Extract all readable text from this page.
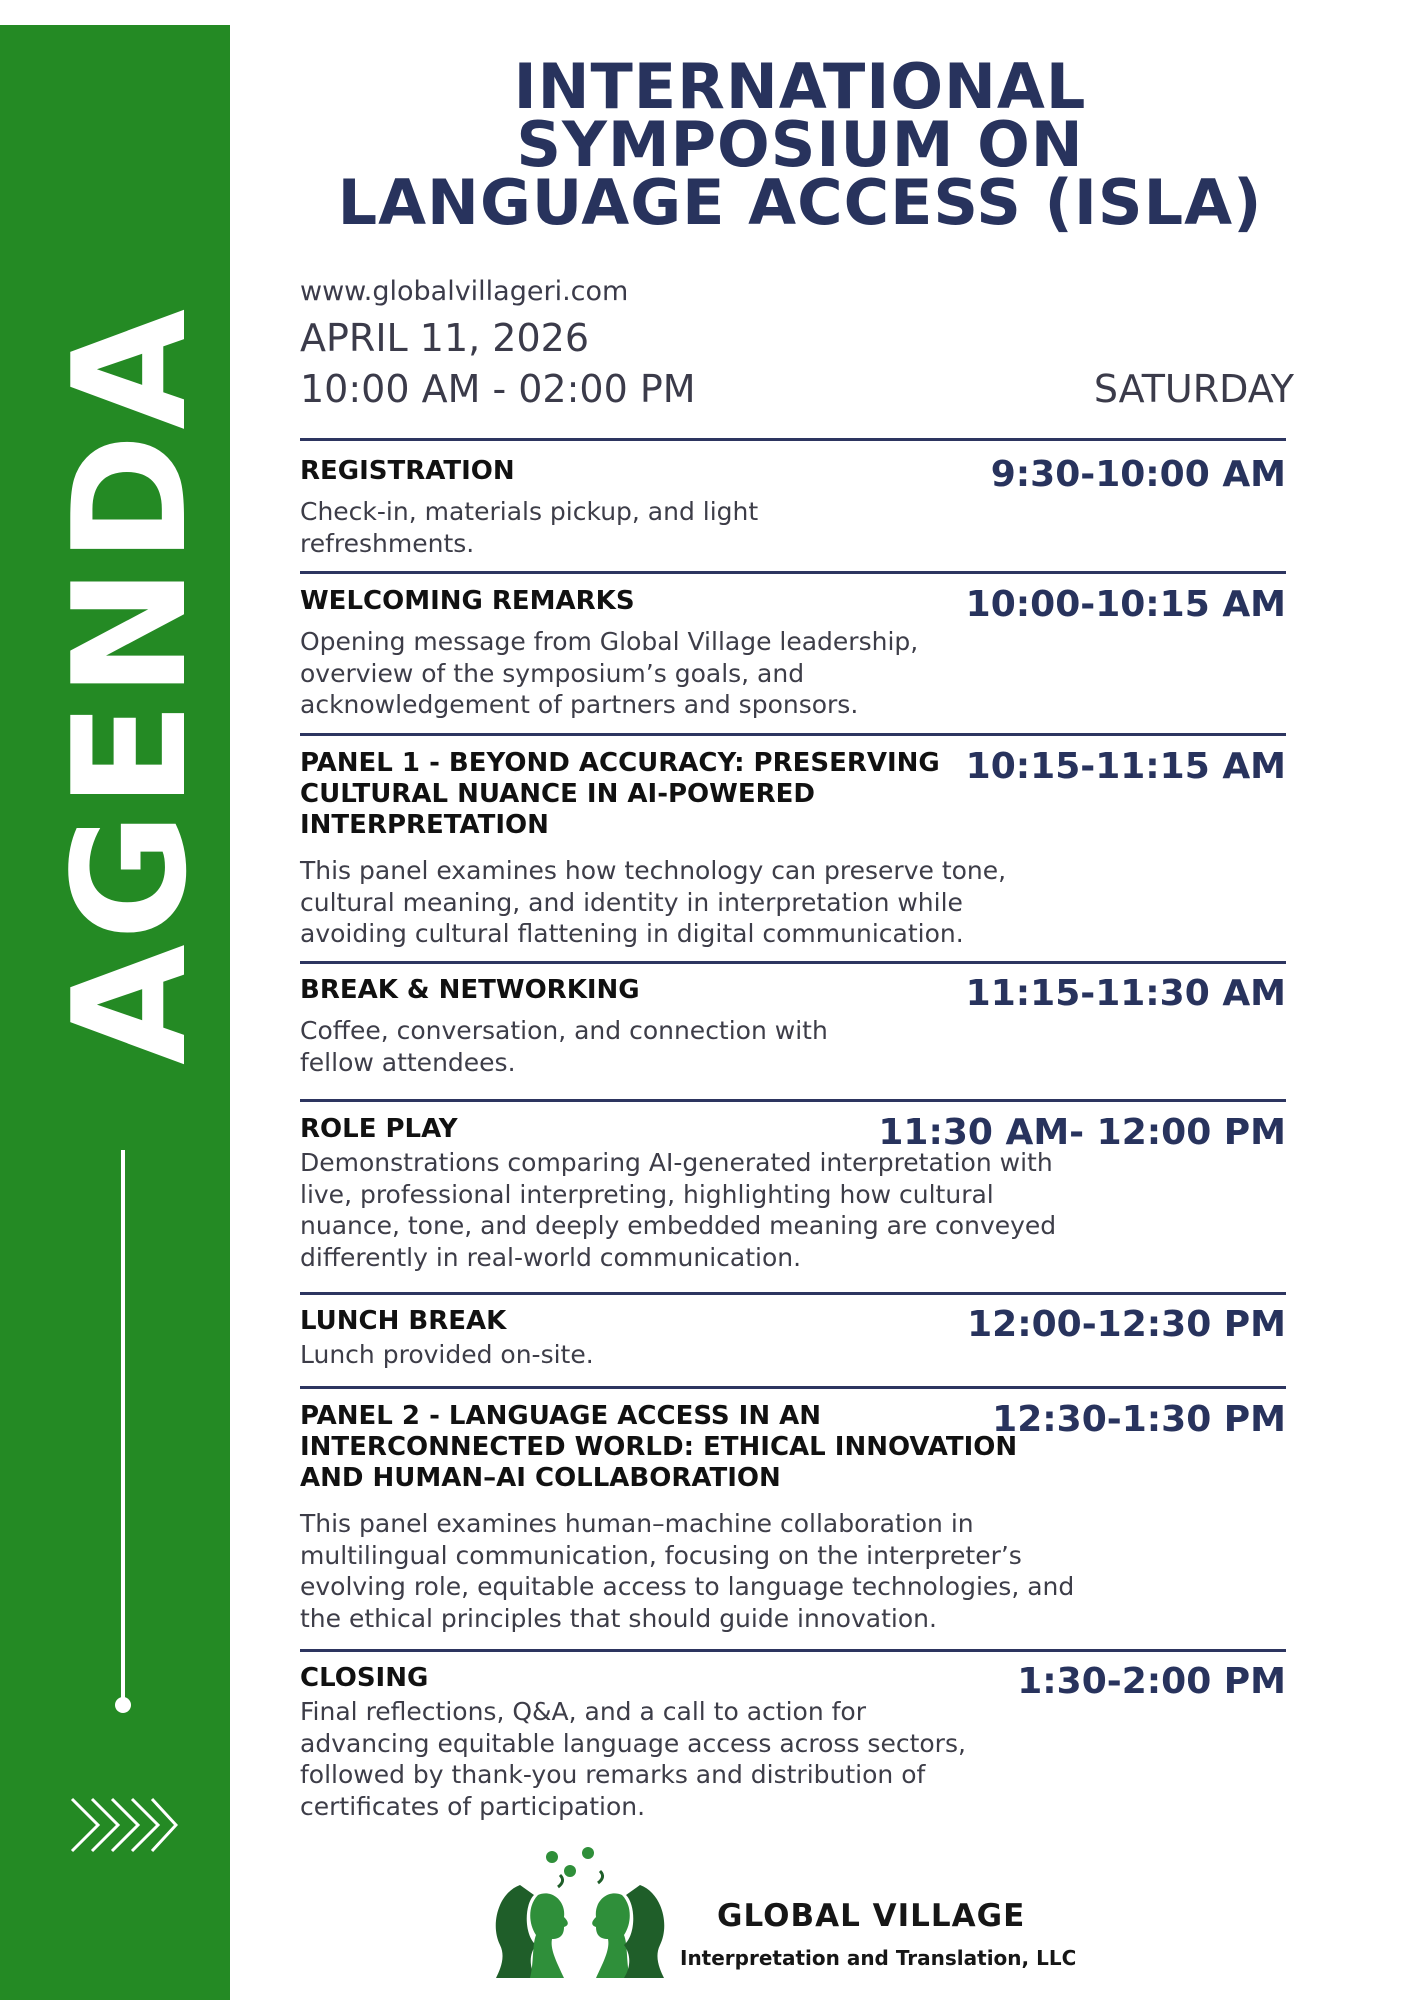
AGENDA
INTERNATIONAL
SYMPOSIUM ON
LANGUAGE ACCESS (ISLA)
www.globalvillageri.com
APRIL 11, 2026
10:00 AM - 02:00 PM	SATURDAY
REGISTRATION
Check-in, materials pickup, and light refreshments.
9:30-10:00 AM
WELCOMING REMARKS
Opening message from Global Village leadership, overview of the symposium’s goals, and acknowledgement of partners and sponsors.
10:00-10:15 AM
PANEL 1 - BEYOND ACCURACY: PRESERVING CULTURAL NUANCE IN AI-POWERED INTERPRETATION
This panel examines how technology can preserve tone, cultural meaning, and identity in interpretation while avoiding cultural flattening in digital communication.
10:15-11:15 AM
BREAK & NETWORKING
Coffee, conversation, and connection with fellow attendees.
11:15-11:30 AM
ROLE PLAY
Demonstrations comparing AI-generated interpretation with live, professional interpreting, highlighting how cultural nuance, tone, and deeply embedded meaning are conveyed differently in real-world communication.
11:30 AM- 12:00 PM
LUNCH BREAK
Lunch provided on-site.
12:00-12:30 PM
PANEL 2 - LANGUAGE ACCESS IN AN INTERCONNECTED WORLD: ETHICAL INNOVATION AND HUMAN–AI COLLABORATION
This panel examines human–machine collaboration in multilingual communication, focusing on the interpreter’s evolving role, equitable access to language technologies, and the ethical principles that should guide innovation.
12:30-1:30 PM
CLOSING
Final reflections, Q&A, and a call to action for advancing equitable language access across sectors, followed by thank-you remarks and distribution of certificates of participation.
1:30-2:00 PM
GLOBAL VILLAGE
Interpretation and Translation, LLC
